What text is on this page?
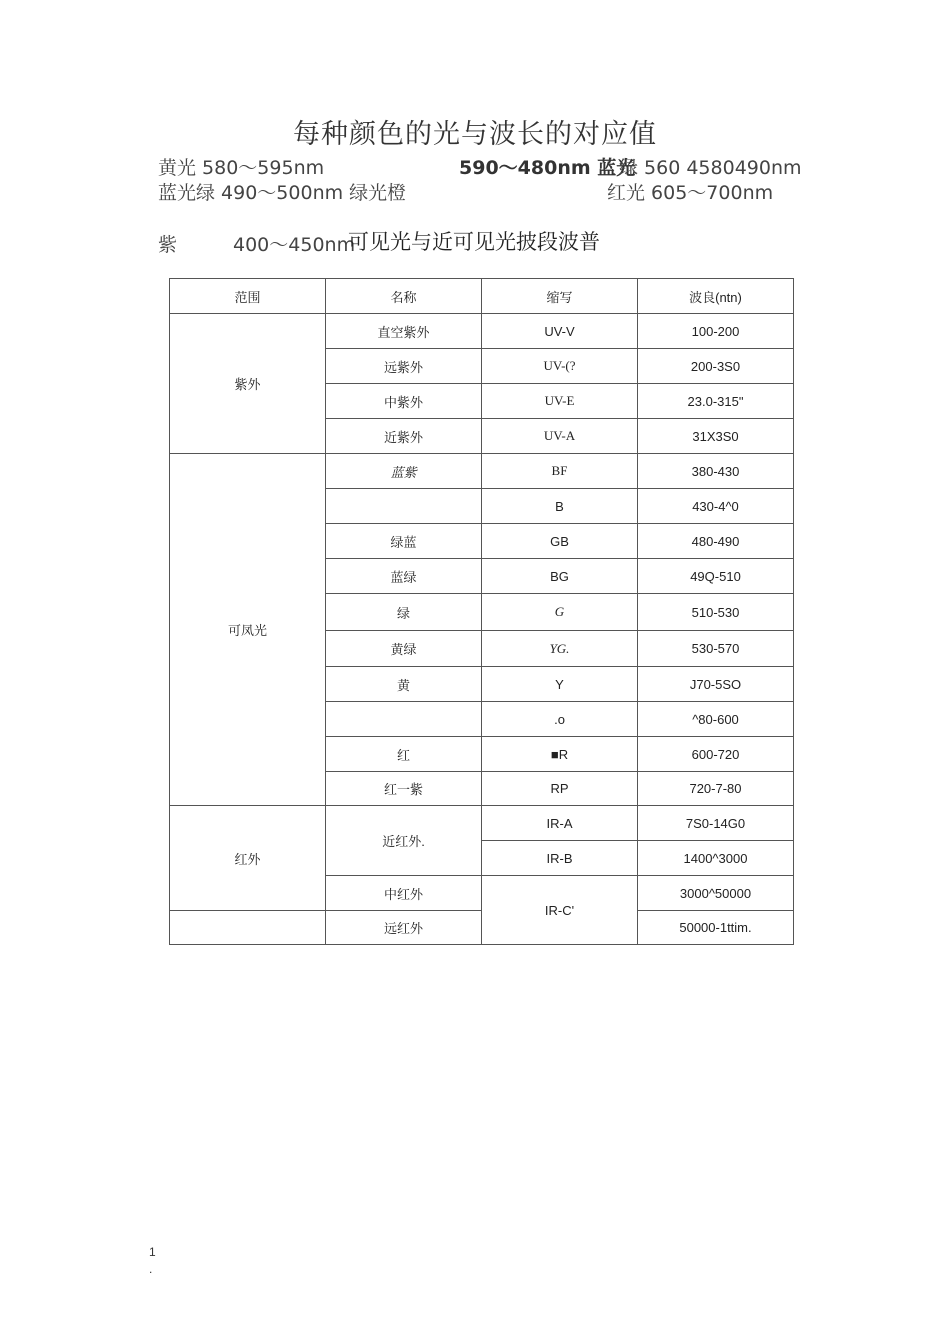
每种颜色的光与波长的对应值
黄光 580～595nm	590～480nm 蓝光
绿 560 4580490nm
蓝光绿 490～500nm 绿光橙	红光 605～700nm
紫	400～450nm
可见光与近可见光披段波普
范围	名称	缩写	波良(ntn)
紫外	直空紫外	UV-V	100-200
	远紫外	UV-(?	200-3S0
	中紫外	UV-E	23.0-315"
	近紫外	UV-A	31X3S0
可凤光	蓝紫	BF	380-430
		B	430-4^0
	绿蓝	GB	480-490
	蓝绿	BG	49Q-510
	绿	G	510-530
	黄绿	YG.	530-570
	黄	Y	J70-5SO
		.o	^80-600
	红	■R	600-720
	红一紫	RP	720-7-80
红外	近红外.	IR-A	7S0-14G0
		IR-B	1400^3000
	中红外	IR-C'	3000^50000
	远红外		50000-1ttim.
1
.
